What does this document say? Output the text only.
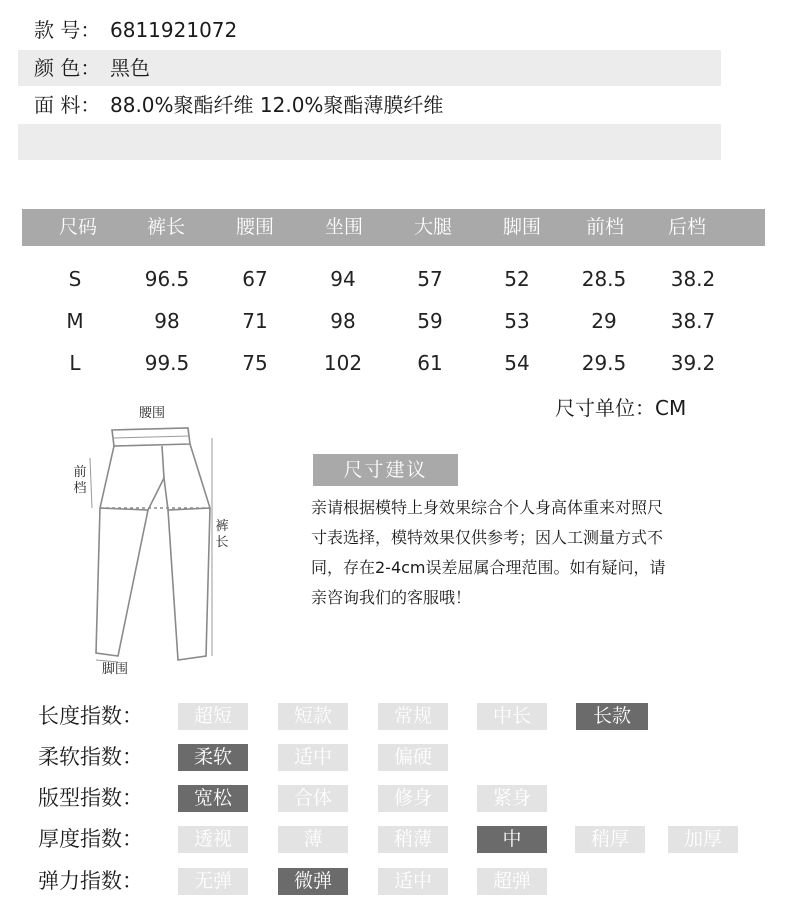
款 号： 6811921072
颜 色： 黑色
面 料： 88.0%聚酯纤维 12.0%聚酯薄膜纤维
尺码	裤长	腰围	坐围	大腿	脚围	前档	后档
S	96.5	67	94	57	52	28.5	38.2
M	98	71	98	59	53	29	38.7
L	99.5	75	102	61	54	29.5	39.2
尺寸单位：CM
腰围
前
档
裤
长
脚围
尺寸建议
亲请根据模特上身效果综合个人身高体重来对照尺
寸表选择，模特效果仅供参考；因人工测量方式不
同，存在2-4cm误差屈属合理范围。如有疑问，请
亲咨询我们的客服哦！
长度指数：	超短	短款	常规	中长	长款
柔软指数：	柔软	适中	偏硬
版型指数：	宽松	合体	修身	紧身
厚度指数：	透视	薄	稍薄	中	稍厚	加厚
弹力指数：	无弹	微弹	适中	超弹
